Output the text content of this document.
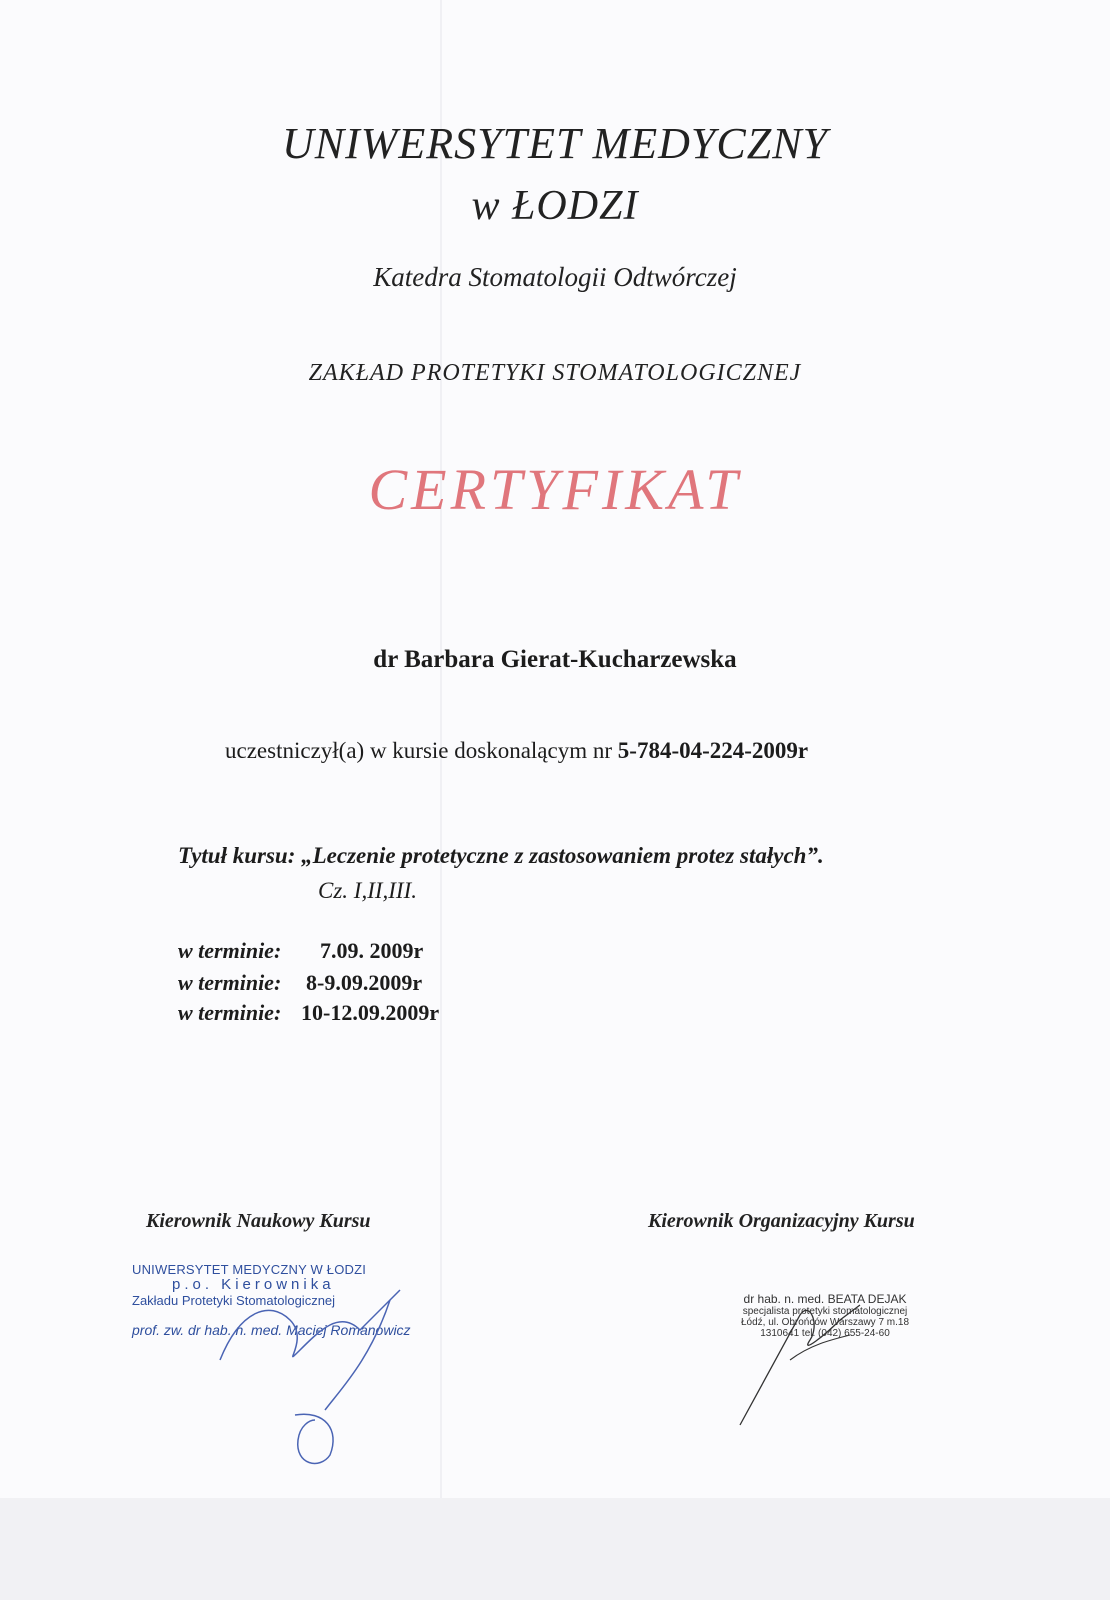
UNIWERSYTET MEDYCZNY
w ŁODZI
Katedra Stomatologii Odtwórczej
ZAKŁAD PROTETYKI STOMATOLOGICZNEJ
CERTYFIKAT
dr Barbara Gierat-Kucharzewska
uczestniczył(a) w kursie doskonalącym nr 5-784-04-224-2009r
Tytuł kursu: „Leczenie protetyczne z zastosowaniem protez stałych”.
Cz. I,II,III.
w terminie: 7.09. 2009r
w terminie: 8-9.09.2009r
w terminie: 10-12.09.2009r
Kierownik Naukowy Kursu	Kierownik Organizacyjny Kursu
UNIWERSYTET MEDYCZNY W ŁODZI
p.o. Kierownika
Zakładu Protetyki Stomatologicznej
prof. zw. dr hab. n. med. Maciej Romanowicz
dr hab. n. med. BEATA DEJAK
specjalista protetyki stomatologicznej
Łódź, ul. Obrońców Warszawy 7 m.18
1310641 tel. (042) 655-24-60
